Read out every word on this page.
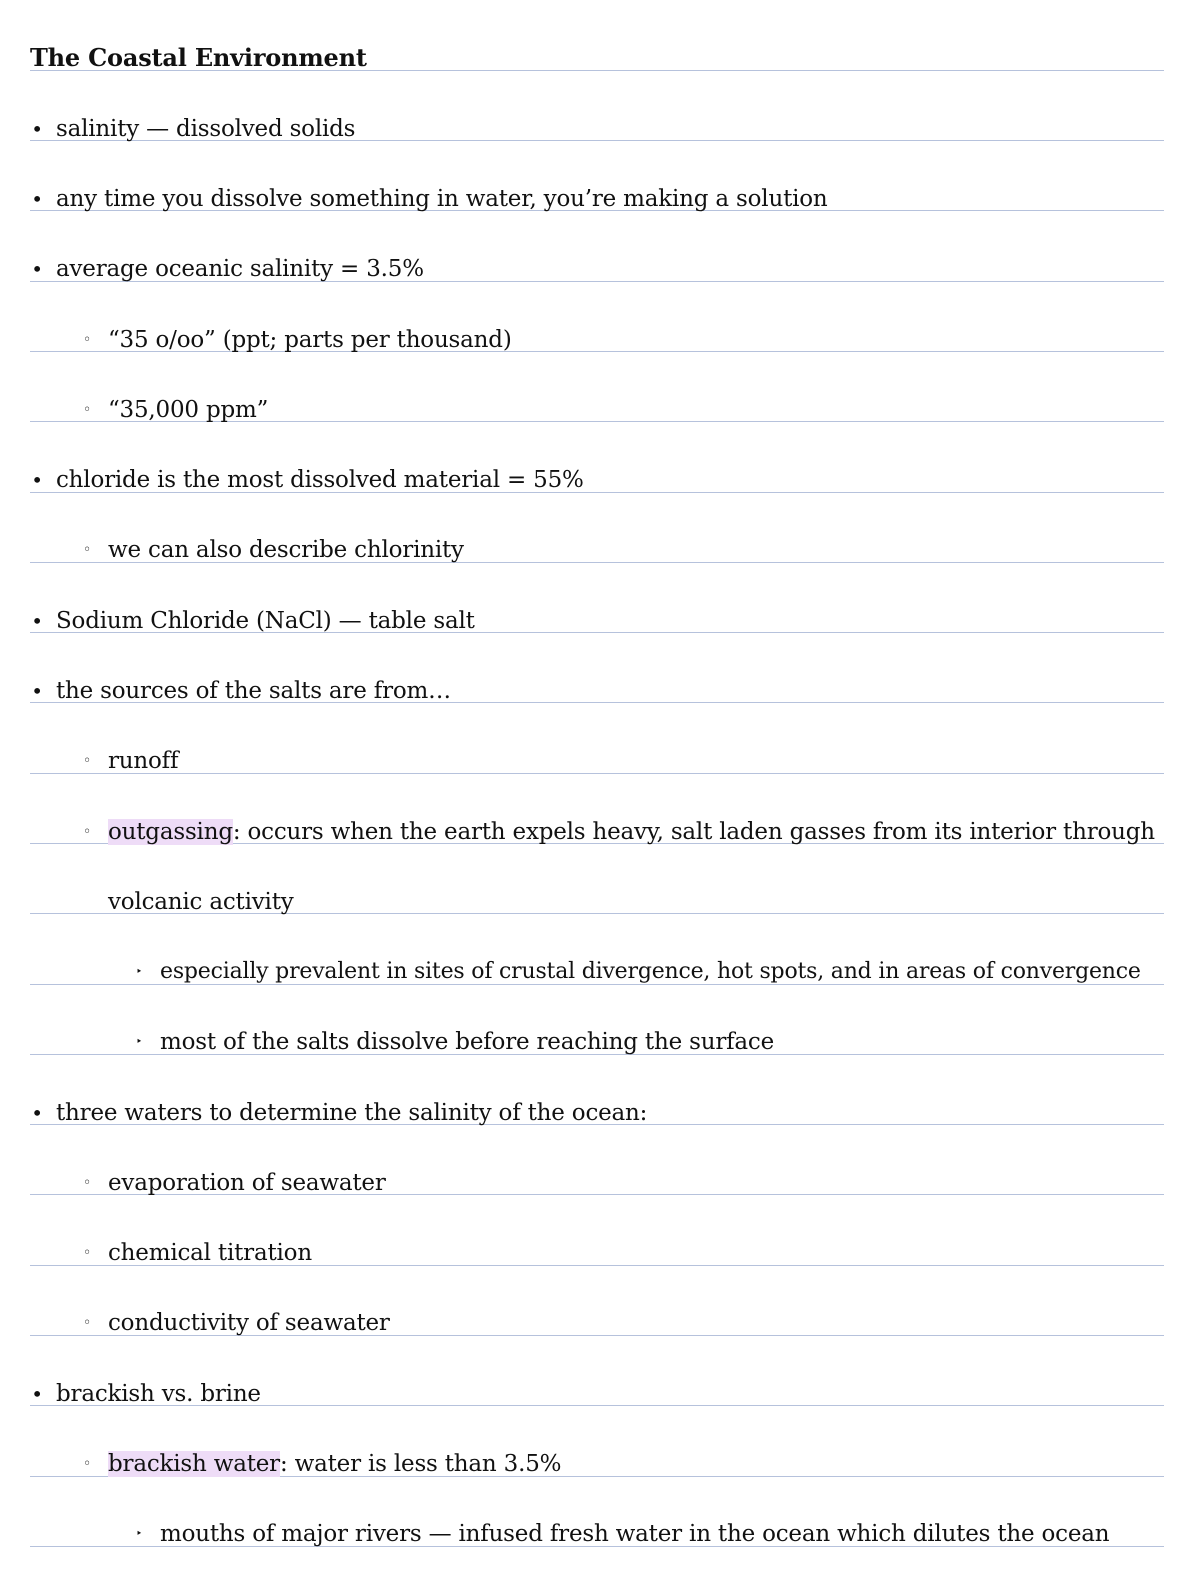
The Coastal Environment
• salinity — dissolved solids
• any time you dissolve something in water, you’re making a solution
• average oceanic salinity = 3.5%
◦ “35 o/oo” (ppt; parts per thousand)
◦ “35,000 ppm”
• chloride is the most dissolved material = 55%
◦ we can also describe chlorinity
• Sodium Chloride (NaCl) — table salt
• the sources of the salts are from…
◦ runoff
◦ outgassing: occurs when the earth expels heavy, salt laden gasses from its interior through
volcanic activity
‣ especially prevalent in sites of crustal divergence, hot spots, and in areas of convergence
‣ most of the salts dissolve before reaching the surface
• three waters to determine the salinity of the ocean:
◦ evaporation of seawater
◦ chemical titration
◦ conductivity of seawater
• brackish vs. brine
◦ brackish water: water is less than 3.5%
‣ mouths of major rivers — infused fresh water in the ocean which dilutes the ocean
